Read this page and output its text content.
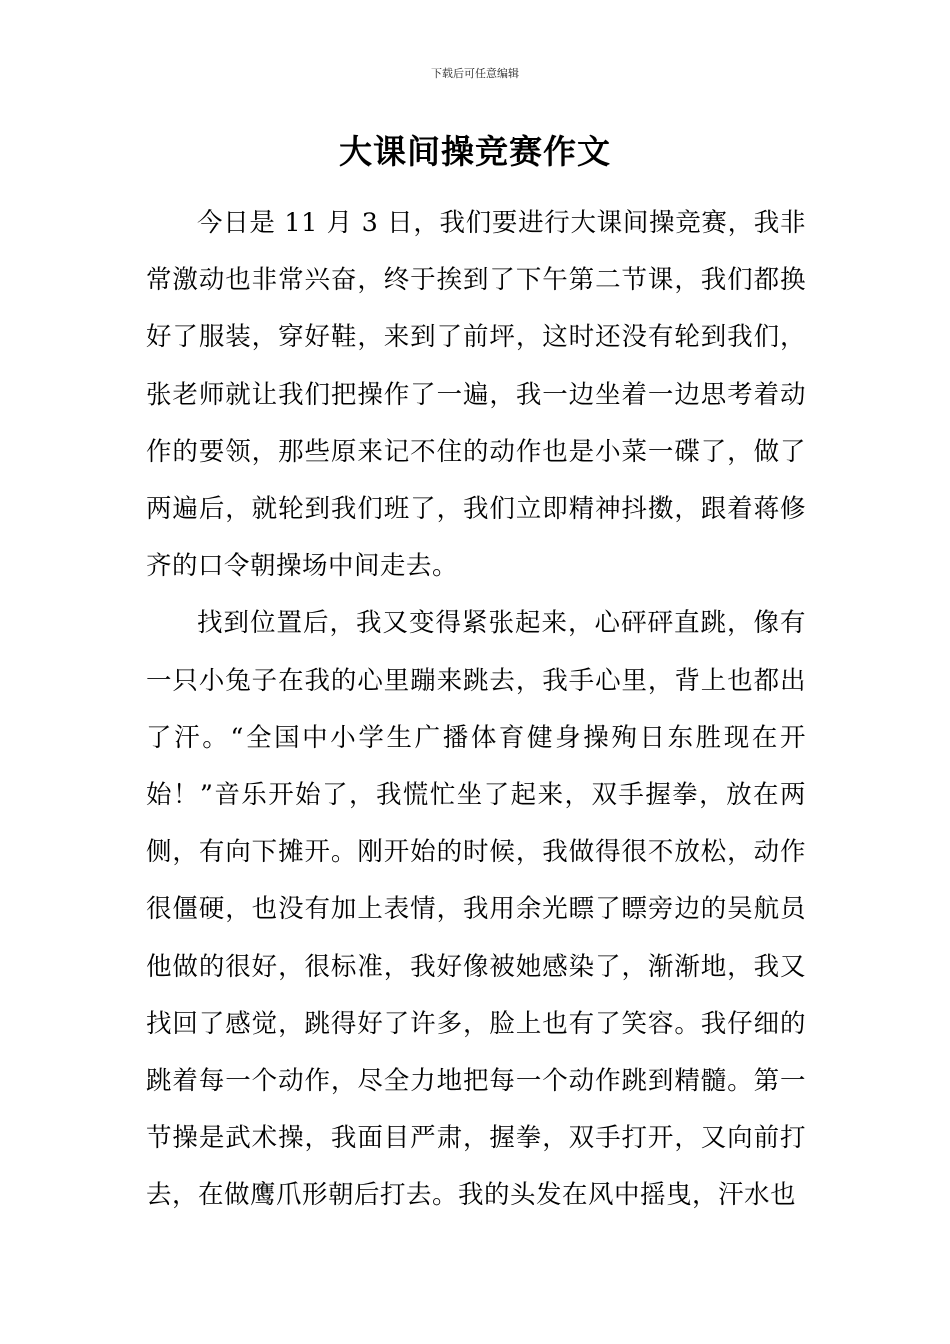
下载后可任意编辑
大课间操竞赛作文

今日是 11 月 3 日，我们要进行大课间操竞赛，我非常激动也非常兴奋，终于挨到了下午第二节课，我们都换好了服装，穿好鞋，来到了前坪，这时还没有轮到我们，张老师就让我们把操作了一遍，我一边坐着一边思考着动作的要领，那些原来记不住的动作也是小菜一碟了，做了两遍后，就轮到我们班了，我们立即精神抖擞，跟着蒋修齐的口令朝操场中间走去。

找到位置后，我又变得紧张起来，心砰砰直跳，像有一只小兔子在我的心里蹦来跳去，我手心里，背上也都出了汗。“全国中小学生广播体育健身操殉日东胜现在开始！”音乐开始了，我慌忙坐了起来，双手握拳，放在两侧，有向下摊开。刚开始的时候，我做得很不放松，动作很僵硬，也没有加上表情，我用余光瞟了瞟旁边的吴航员他做的很好，很标准，我好像被她感染了，渐渐地，我又找回了感觉，跳得好了许多，脸上也有了笑容。我仔细的跳着每一个动作，尽全力地把每一个动作跳到精髓。第一节操是武术操，我面目严肃，握拳，双手打开，又向前打去，在做鹰爪形朝后打去。我的头发在风中摇曳，汗水也
